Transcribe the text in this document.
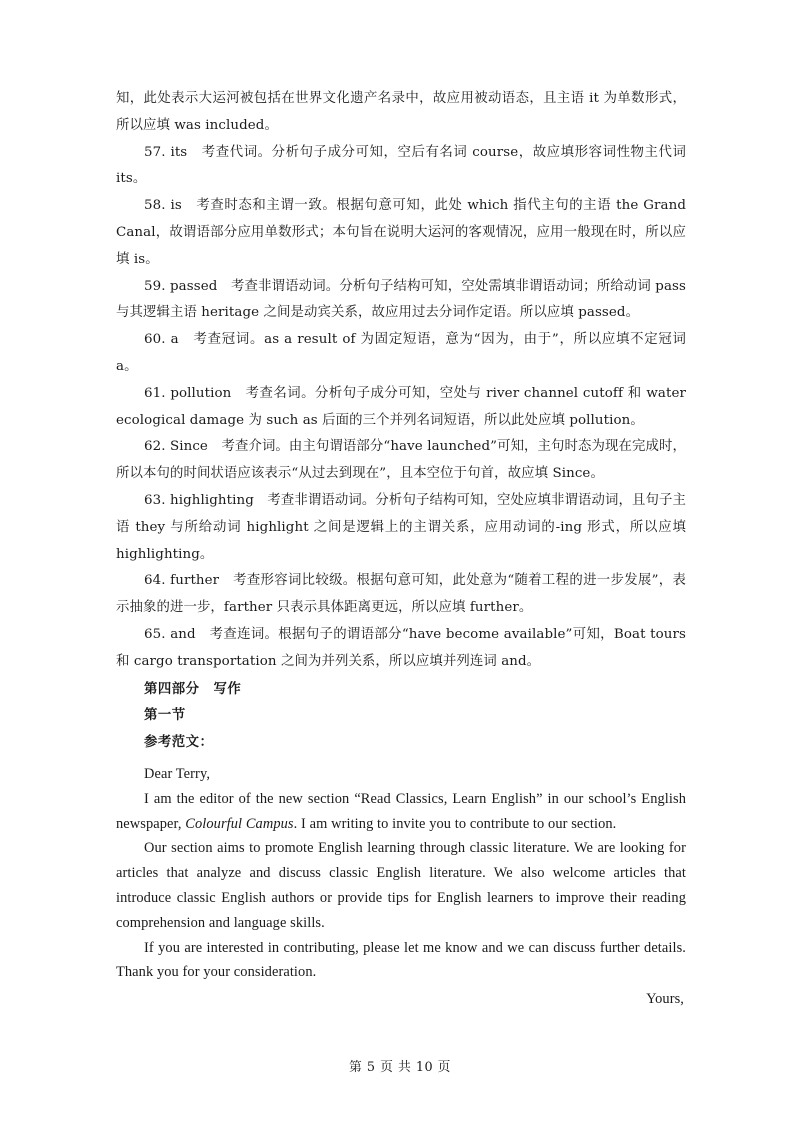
知，此处表示大运河被包括在世界文化遗产名录中，故应用被动语态，且主语 it 为单数形式，所以应填 was included。

57. its　考查代词。分析句子成分可知，空后有名词 course，故应填形容词性物主代词 its。

58. is　考查时态和主谓一致。根据句意可知，此处 which 指代主句的主语 the Grand Canal，故谓语部分应用单数形式；本句旨在说明大运河的客观情况，应用一般现在时，所以应填 is。

59. passed　考查非谓语动词。分析句子结构可知，空处需填非谓语动词；所给动词 pass 与其逻辑主语 heritage 之间是动宾关系，故应用过去分词作定语。所以应填 passed。

60. a　考查冠词。as a result of 为固定短语，意为“因为，由于”，所以应填不定冠词 a。

61. pollution　考查名词。分析句子成分可知，空处与 river channel cutoff 和 water ecological damage 为 such as 后面的三个并列名词短语，所以此处应填 pollution。

62. Since　考查介词。由主句谓语部分“have launched”可知，主句时态为现在完成时，所以本句的时间状语应该表示“从过去到现在”，且本空位于句首，故应填 Since。

63. highlighting　考查非谓语动词。分析句子结构可知，空处应填非谓语动词，且句子主语 they 与所给动词 highlight 之间是逻辑上的主谓关系，应用动词的-ing 形式，所以应填 highlighting。

64. further　考查形容词比较级。根据句意可知，此处意为“随着工程的进一步发展”，表示抽象的进一步，farther 只表示具体距离更远，所以应填 further。

65. and　考查连词。根据句子的谓语部分“have become available”可知，Boat tours 和 cargo transportation 之间为并列关系，所以应填并列连词 and。

第四部分　写作

第一节

参考范文：

Dear Terry,

I am the editor of the new section “Read Classics, Learn English” in our school’s English newspaper, Colourful Campus. I am writing to invite you to contribute to our section.

Our section aims to promote English learning through classic literature. We are looking for articles that analyze and discuss classic English literature. We also welcome articles that introduce classic English authors or provide tips for English learners to improve their reading comprehension and language skills.

If you are interested in contributing, please let me know and we can discuss further details. Thank you for your consideration.

Yours,

第 5 页 共 10 页
